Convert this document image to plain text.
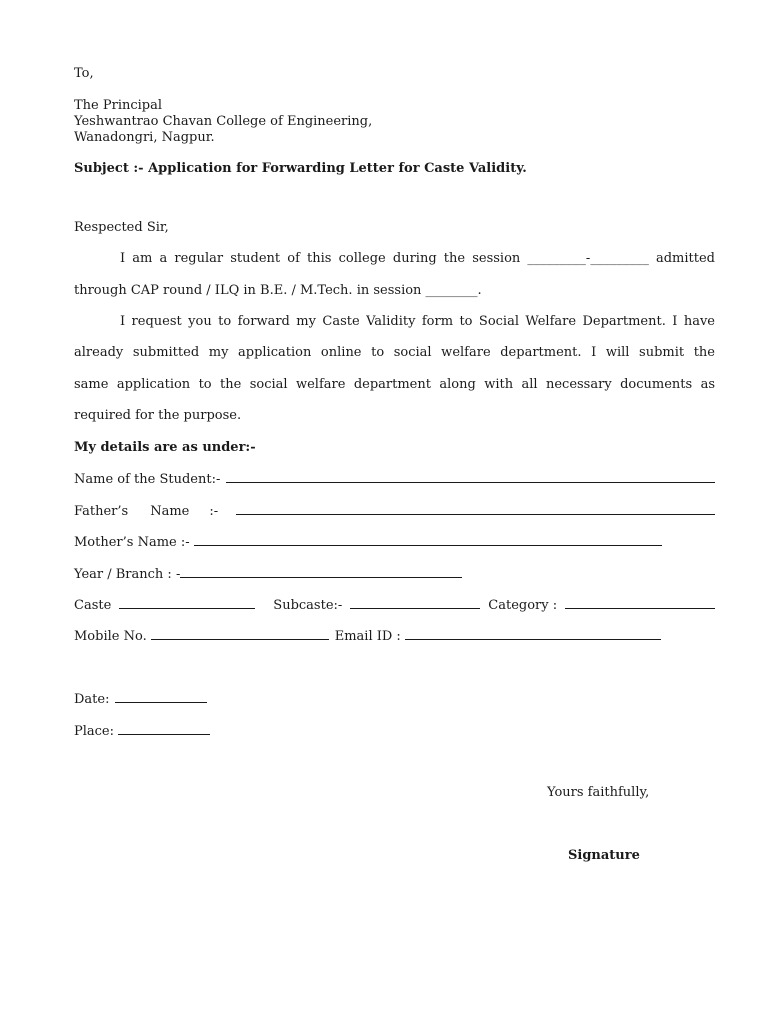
To,
The Principal
Yeshwantrao Chavan College of Engineering,
Wanadongri, Nagpur.
Subject :- Application for Forwarding Letter for Caste Validity.
Respected Sir,
I am a regular student of this college during the session _________-_________ admitted
through CAP round / ILQ in B.E. / M.Tech. in session ________.
I request you to forward my Caste Validity form to Social Welfare Department. I have
already submitted my application online to social welfare department. I will submit the
same application to the social welfare department along with all necessary documents as
required for the purpose.
My details are as under:-
Name of the Student:-
Father’s Name :-
Mother’s Name :-
Year / Branch : -
Caste	Subcaste:-	Category :
Mobile No.	Email ID :
Date:
Place:
Yours faithfully,
Signature
